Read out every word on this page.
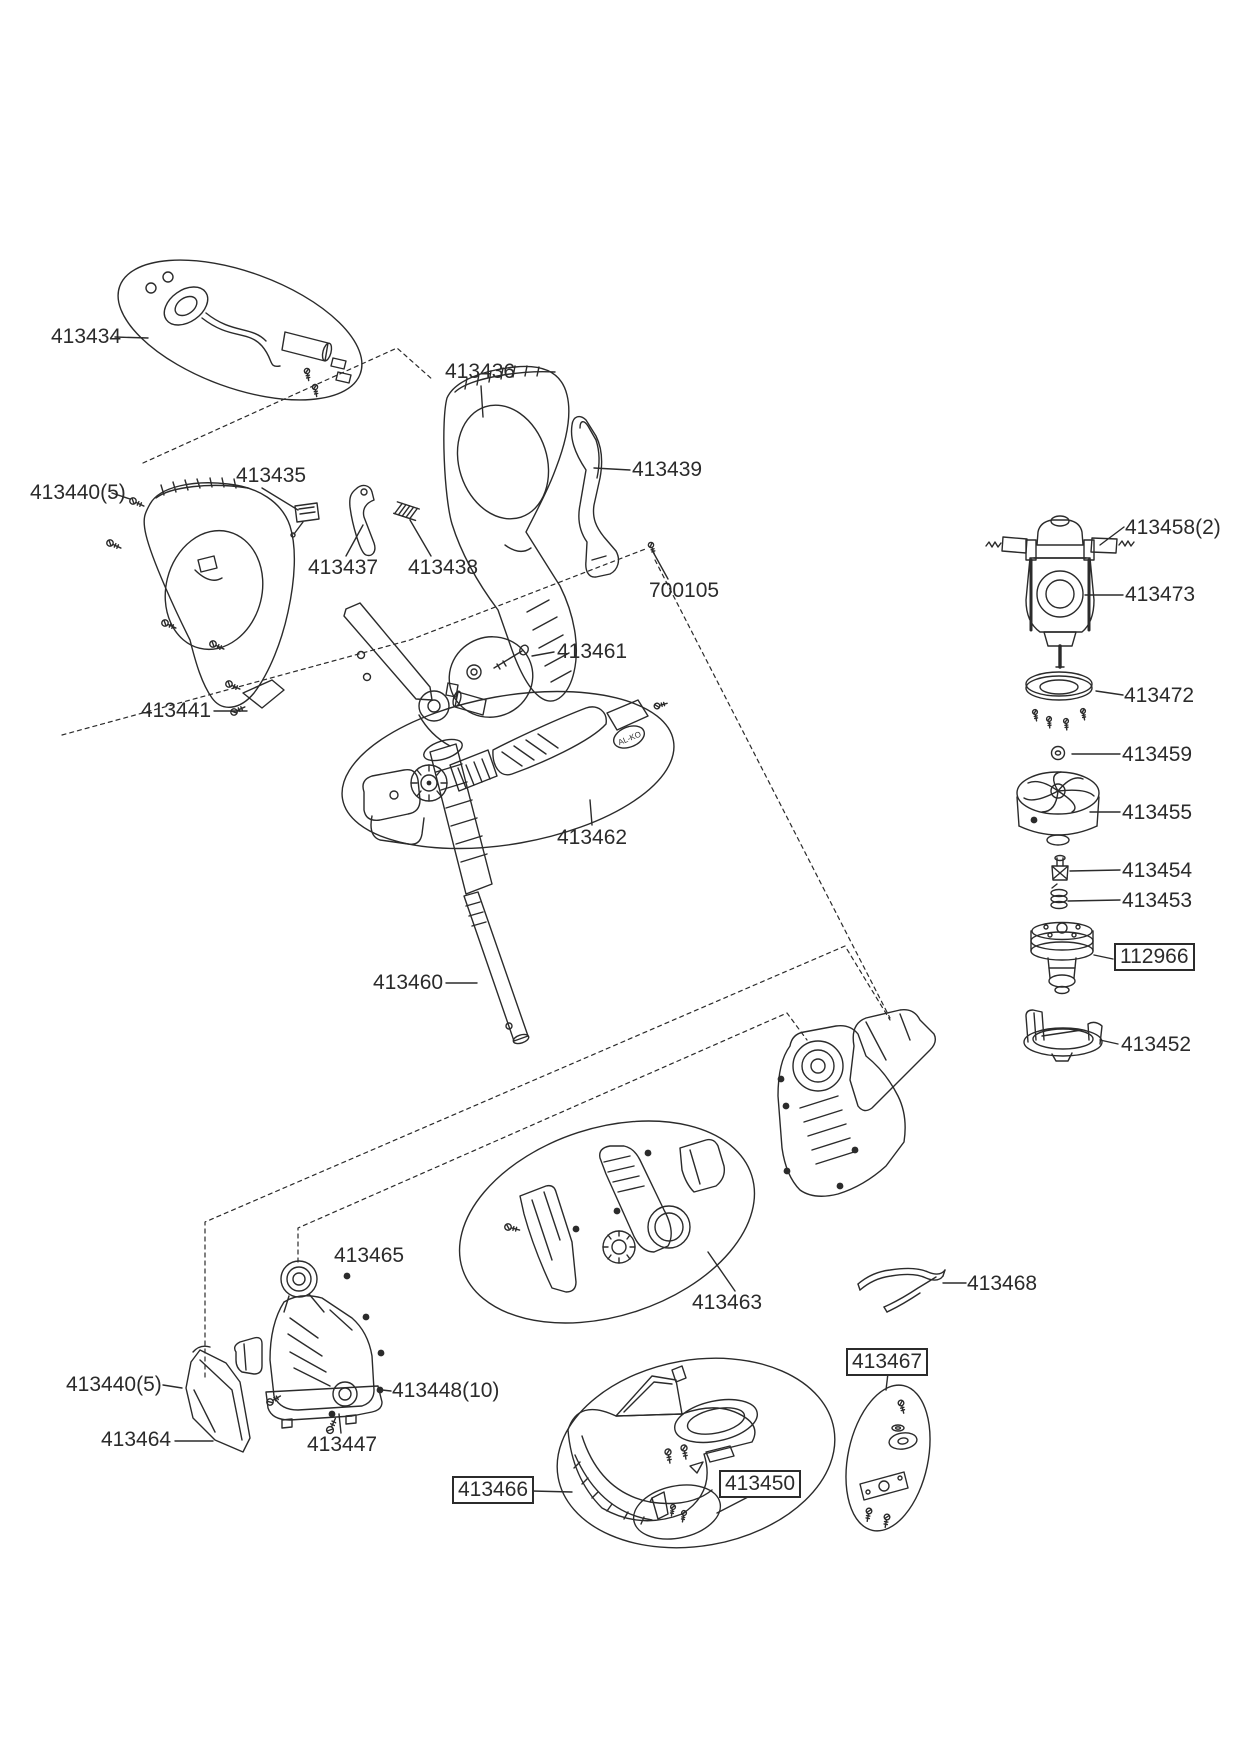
AL-KO
413434
413436
413439
413435
413437 413438
700105
413440(5)
413441
413461
413462
413460
413458(2)
413473
413472
413459
413455
413454
413453
112966
413452
413465
413463
413468
413440(5)	413448(10)
413447
413464
413466	413450
413467
